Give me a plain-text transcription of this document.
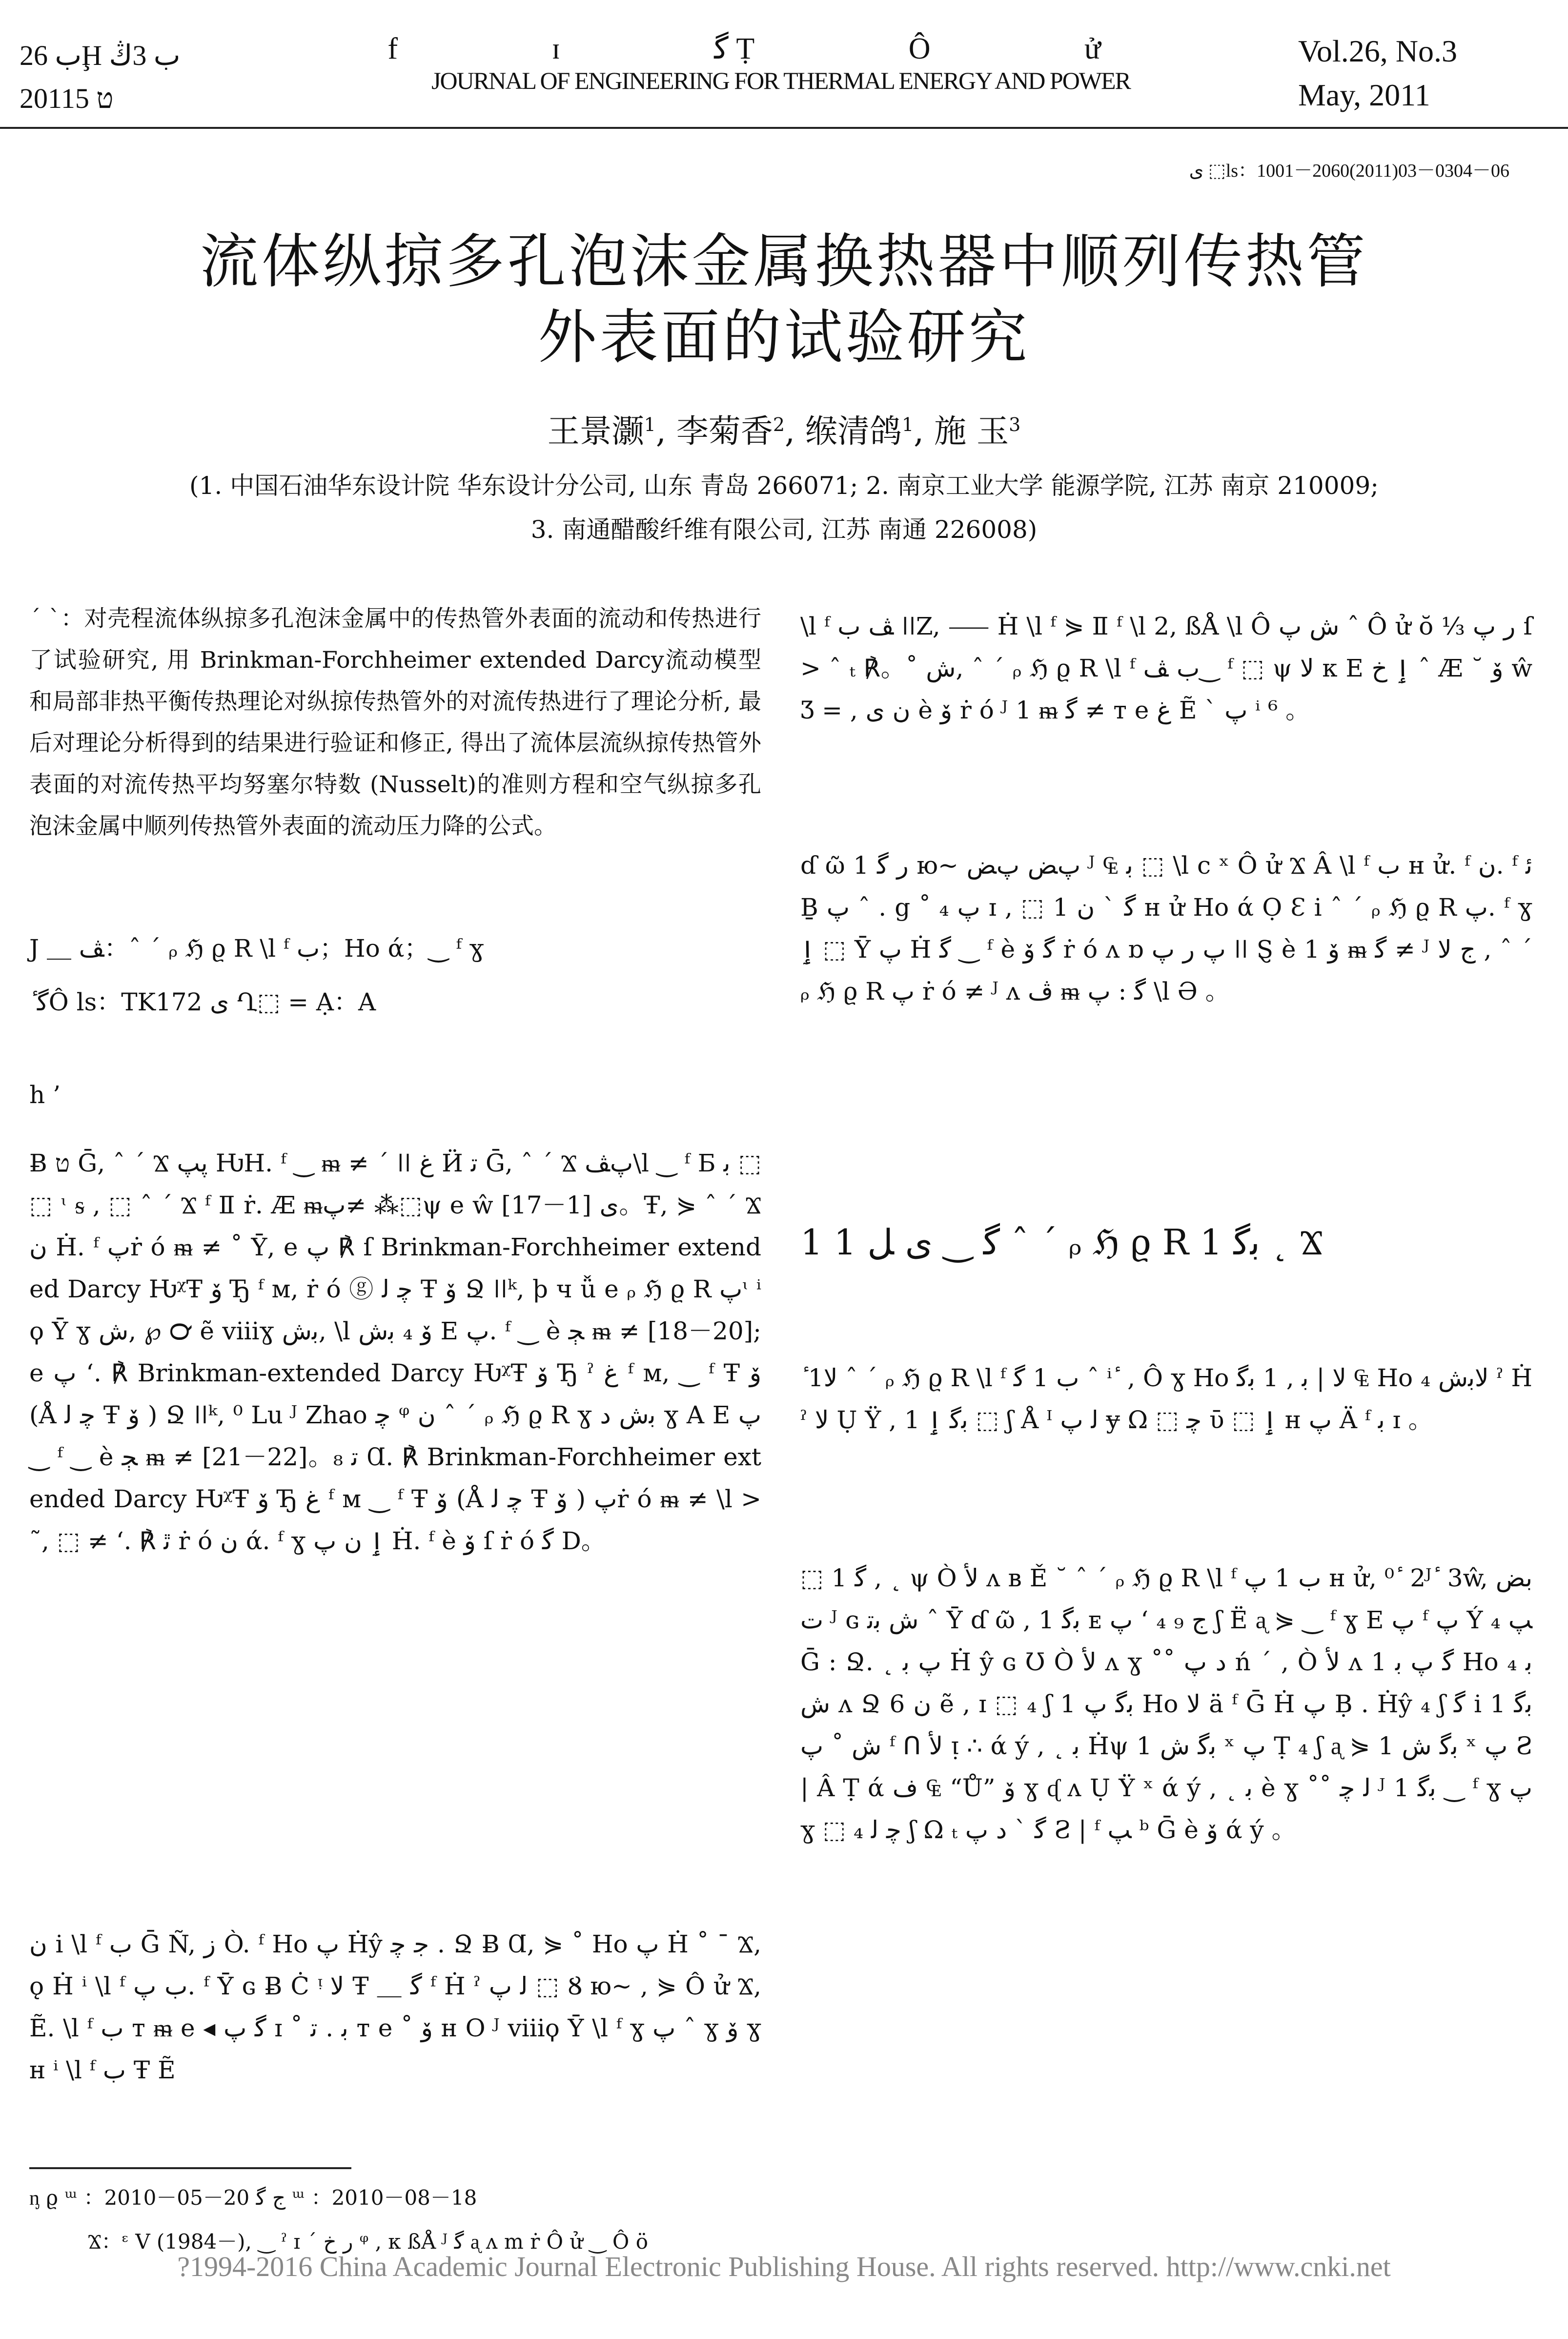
ب 26Ḩ ب 3ﯓ
2011ט 5
f ɪ ﮔ Ṭ Ô ử
JOURNAL OF ENGINEERING FOR THERMAL ENERGY AND POWER
Vol.26, No.3
May, 2011
ى ⬚ls：1001－2060(2011)03－0304－06
流体纵掠多孔泡沫金属换热器中顺列传热管
外表面的试验研究
王景灏$^1$, 李菊香$^2$, 缑清鸽$^1$, 施 玉$^3$
(1. 中国石油华东设计院 华东设计分公司, 山东 青岛 266071; 2. 南京工业大学 能源学院, 江苏 南京 210009;
3. 南通醋酸纤维有限公司, 江苏 南通 226008)
ˊ ˋ：对壳程流体纵掠多孔泡沫金属中的传热管外表面的流动和传热进行了试验研究, 用 Brinkman-Forchheimer extended Darcy流动模型和局部非热平衡传热理论对纵掠传热管外的对流传热进行了理论分析, 最后对理论分析得到的结果进行验证和修正, 得出了流体层流纵掠传热管外表面的对流传热平均努塞尔特数 (Nusselt)的准则方程和空气纵掠多孔泡沫金属中顺列传热管外表面的流动压力降的公式。
J ＿ ﭫ：ˆ ´ ᵨ ℌ ϱ R \l ᶠ ب；Ho ά；‿ ᶠ ɣ
ٔ ﮔÔ ls：TK172 ى Ղ⬚ = Ạ：A
h ’
Ƀ ט Ḡ, ˆ ´ Ϫ پپ ǶH. ᶠ ‿ ᵯ ≠ ˊ ǀǀ ﻍ Ӥ ﺗ Ḡ, ˆ ´ Ϫ پﭫ\l ‿ ᶠ Ƃ ﺑ ⬚ ⬚ ᶥ ᵴ , ⬚ ˆ ´ Ϫ ᶠ Ⅱ ṙ. Æ ᵯپ≠ ⁂⬚ψ e ŵ ى [1－17]。Ŧ, ⋟ ˆ ´ Ϫ ن Ḣ. ᶠ پṙ ó ᵯ ≠ ˚ Ῡ, e پ ℟ ſ Brinkman-Forchheimer extended Darcy ǶᵡŦ ﯙ Ђ ᶠ ᴍ, ṙ ó ⓖ ﭼ ﻟ Ŧ ﯙ Ջ ǀǀᵏ, ϸ ч ǚ e ᵨ ℌ ϱ R پᶥ ⁱ ϙ Ῡ ɣ ﺵ, ℘ ℺ ẽ viiiɣ ﺑﺵ, \l ﯙ ₄ ﺑﺵ E پ. ᶠ ‿ è ﭵ ᵯ ≠ [18－20]; e پ ʻ. ℟ Brinkman-extended Darcy ǶᵡŦ ﯙ Ђ ˀ ﻍ ᶠ ᴍ, ‿ ᶠ Ŧ ﯙ (Å ﭼ ﻟ Ŧ ﯙ ) Ջ ǀǀᵏ, ⁰ Lu ᴶ Zhao ﭼ ᵠ ن ˆ ´ ᵨ ℌ ϱ R ɣ ﺑﺵ ﺩ ɣ A E پ ‿ ᶠ ‿ è ﭵ ᵯ ≠ [21－22]。ﺗ ₈ Ɑ. ℟ Brinkman-Forchheimer extended Darcy ǶᵡŦ ﯙ Ђ ﻍ ᶠ ᴍ ‿ ᶠ Ŧ ﯙ (Å ﭼ ﻟ Ŧ ﯙ ) پṙ ó ᵯ ≠ \l > ˜, ⬚ ≠ ʻ. ℟ ﭤ ṙ ó ن ά. ᶠ ɣ ٳ ن پ Ḣ. ᶠ è ﯙ ſ ṙ ó ﮔ D。
ن i \l ᶠ ب Ḡ Ñ, ز Ò. ᶠ Ho پ Ḣŷ ﺟ ﭼ . Ջ Ƀ Ɑ, ⋟ ˚ Ho پ Ḣ ˚ ˉ Ϫ, ǫ Ḣ ⁱ \l ᶠ ب پ. ᶠ Ῡ ɢ Ƀ Ċ ᵎ ﻻ Ŧ ＿ ﮔ ᶠ Ḣ ˀ ﻟ پ ⬚ Ȣ ю~ , ⋟ Ô ử Ϫ, Ẽ. \l ᶠ ب ᴛ ᵯ e ◂ ﮔ پ ɪ ˚ ﺑ . ﺗ ᴛ e ˚ ﯙ ʜ O ᴶ viiiϙ Ῡ \l ᶠ ɣ پ ˆ ɣ ﯙ ɣ ʜ ⁱ \l ᶠ ب Ŧ Ẽ
\l ᶠ ﭫ ب ǀǀZ, ⸺ Ḣ \l ᶠ ⋟ Ⅱ ᶠ \l 2, ßÅ \l Ô ﺵ پ ˆ Ô ử ŏ ⅓ ﺭ پ ſ > ˆ ₜ ℟。˚ ﺵ, ˆ ´ ᵨ ℌ ϱ R \l ᶠ ب ﭫ‿ ᶠ ⬚ ψ ﻻ ᴋ E ٳ ﺥ ˆ Æ ˘ ﯙ ŵ Ʒ = , ﻥ ى è ﯙ ṙ ó ᴶ 1 ᵯ ﮔ ≠ ᴛ e ﻍ Ẽ ˋ پ ⁱ ⁶ 。
ɗ ῶ 1 ﺭ ﮔ ю~ پﺾ پﺾ ᴶ ₠ ﺑ ⬚ \l c ˣ Ô ử Ϫ Â \l ᶠ ب ʜ ử. ᶠ ن. ᶠ ﺋ Ḇ پ ˆ . g ˚ پ ₄ ɪ , ⬚ 1 ﮔ ˋ ن ʜ ử Ho ά Ọ Ɛ i ˆ ´ ᵨ ℌ ϱ R پ. ᶠ ɣ ٳ ⬚ Ῡ پ Ḣ ﮔ ‿ ᶠ è ﮔ ﯙ ṙ ó ᴧ ɒ پ ﺭ پ ǀǀ Ȿ è ﯙ 1 ᵯ ﮔ ≠ ᴶ ﺝ ﻻ , ˆ ´ ᵨ ℌ ϱ R پ ṙ ó ≠ ᴶ ᴧ ﭪ ᵯ ﮔ : پ \l Ə 。
1 1 ﮔ ‿ ﯼ ﻞ ˆ ´ ᵨ ℌ ϱ R 1 ﺑﮔ ˛ Ϫ
ٔ 1ﻻ ˆ ´ ᵨ ℌ ϱ R \l ᶠ ب 1 ﮔ ˆ ⁱ ٔ , Ô ɣ Ho ﻻ | ﺑ , 1 ﺑﮔ ₠ Ho ₄ ﻻﺑﺵ ˀ Ḣ ˀ ﻻ Ụ Ÿ , 1 ﺑﮔ ٳ ⬚ ʃ Å ᴵ ﻟ پ ɏ Ω ⬚ ﭼ ῡ ⬚ ٳ ʜ پ Ä ᶠ ﺑ ɪ 。
⬚ 1 ﮔ , ˛ ψ Ò ﻷ ᴧ ʙ Ě ˘ ˆ ´ ᵨ ℌ ϱ R \l ᶠ ب 1 پ ʜ ử, ⁰ ٔ 2ᴶ ٔ 3ŵ, ﺑﺾ ﺕ ᴶ ɢ ﺵ ﺑﺗ ˆ Ῡ ɗ ῶ , 1 ﺑﮔ ᴇ پ ʻ ﺝ ₉ ₄ ʃ Ë ᶏ ⋟ ‿ ᶠ ɣ E پ ᶠ پ Ý ₄ ﭗ Ḡ : Ջ. ˛ پ ﺑ Ḣ ŷ ɢ Ʊ Ò ﻷ ᴧ ɣ ˚˚ ﺩ پ ń ˊ , Ò ﻷ ᴧ 1 ﮔ پ ﺑ Ho ₄ ﺑﺵ ᴧ Ջ ﻥ 6 ẽ , ɪ ⬚ ₄ ʃ 1 ﺑﮔ پ Ho ﻻ ä ᶠ Ḡ Ḣ پ Ḅ . Ḣŷ ₄ ʃ ﮔ i 1 ﺑﮔ ﺵ ˚ پ ᶠ ᑎ ﻷ ᴉ ∴ ά ý , ˛ ﺑ Ḣψ 1 ﺑﮔ ﺵ ˣ پ Ṭ ₄ ʃ ᶏ ⋟ 1 ﺑﮔ ﺵ ˣ پ Ƨ | Â Ṭ ά ﻑ ₠ “Ů” ﯙ ɣ ᶑ ᴧ Ụ Ÿ ˣ ά ý , ˛ ﺑ è ɣ ˚˚ ﻟ ﭼ ᴶ 1 ﺑﮔ ‿ ᶠ ɣ پ ɣ ⬚ ﭼ ﻟ ₄ ʃ Ω ₜ ﮔ ˋ ﺩ پ Ƨ | ᶠ ﭗ ᵇ Ḡ è ﯙ ά ý 。
ᶇ ϱ ᵚ ：2010－05－20 ﺝ ﮔ ᵚ ：2010－08－18
Ϫ：ᵋ V (1984－), ‿ ˀ ɪ ´ ﺭ ﺥ ᵠ , ᴋ ßÅ ᴶ ﮔ ᶏ ᴧ m ṙ Ô ử ‿ Ô ö
?1994-2016 China Academic Journal Electronic Publishing House. All rights reserved. http://www.cnki.net
